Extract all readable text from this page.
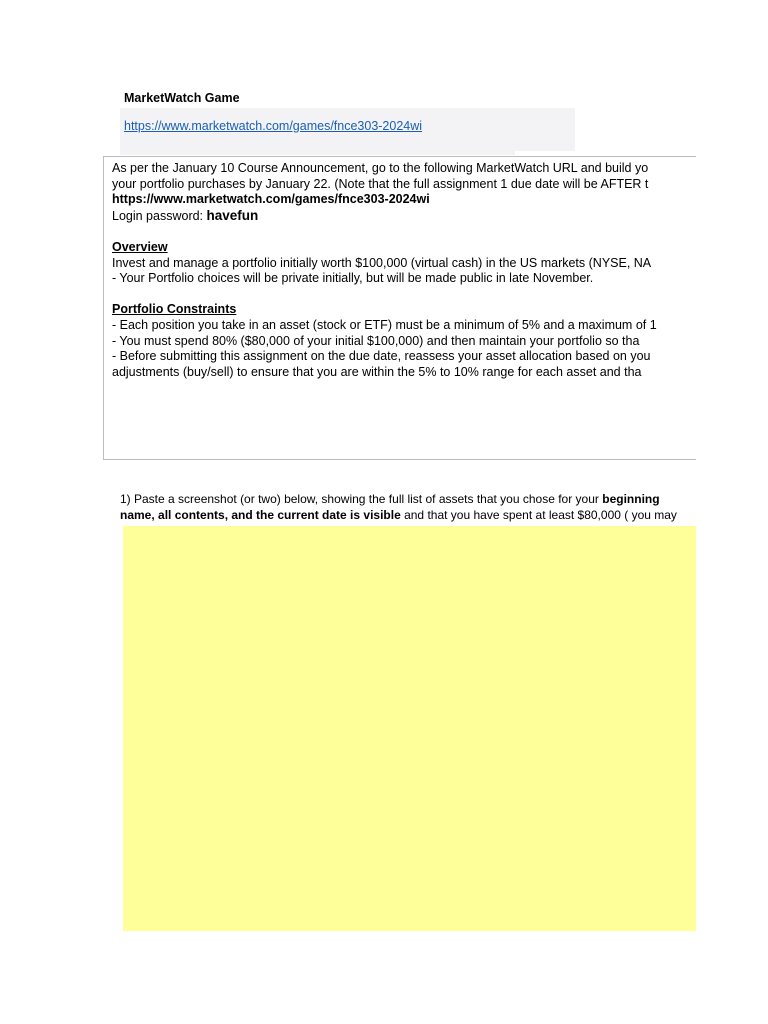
MarketWatch Game
https://www.marketwatch.com/games/fnce303-2024wi

As per the January 10 Course Announcement, go to the following MarketWatch URL and build yo

your portfolio purchases by January 22. (Note that the full assignment 1 due date will be AFTER t

https://www.marketwatch.com/games/fnce303-2024wi

Login password: havefun

Overview

Invest and manage a portfolio initially worth $100,000 (virtual cash) in the US markets (NYSE, NA

- Your Portfolio choices will be private initially, but will be made public in late November.

Portfolio Constraints

- Each position you take in an asset (stock or ETF) must be a minimum of 5% and a maximum of 1

- You must spend 80% ($80,000 of your initial $100,000) and then maintain your portfolio so tha

- Before submitting this assignment on the due date, reassess your asset allocation based on you

adjustments (buy/sell) to ensure that you are within the 5% to 10% range for each asset and tha

1) Paste a screenshot (or two) below, showing the full list of assets that you chose for your beginning

name, all contents, and the current date is visible and that you have spent at least $80,000 ( you may
